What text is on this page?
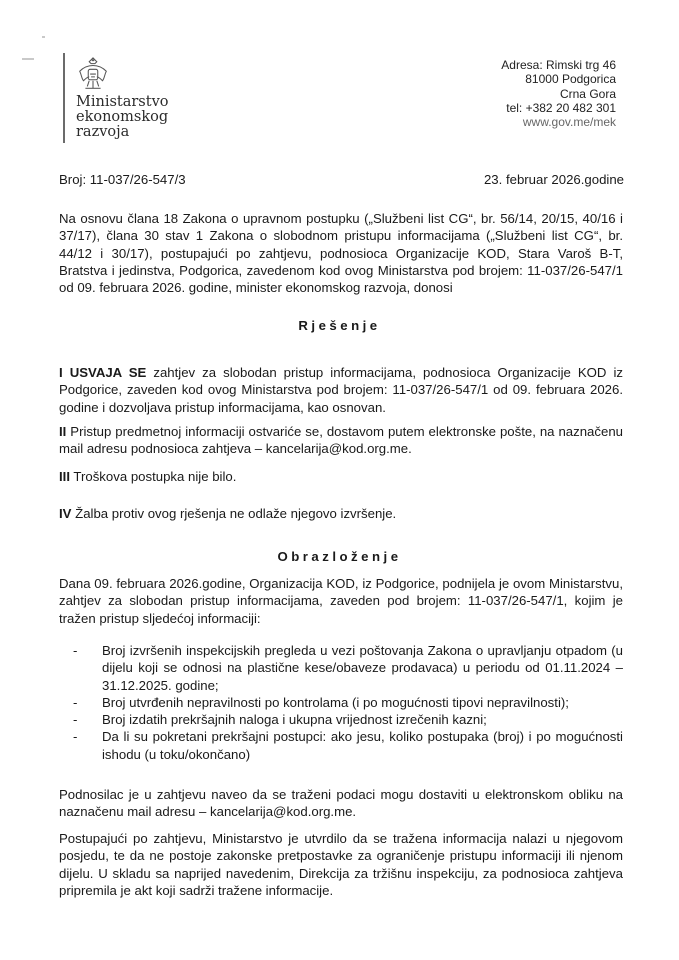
Ministarstvo
ekonomskog
razvoja
Adresa: Rimski trg 46
81000 Podgorica
Crna Gora
tel: +382 20 482 301
www.gov.me/mek
Broj: 11-037/26-547/3	23. februar 2026.godine
Na osnovu člana 18 Zakona o upravnom postupku („Službeni list CG“, br. 56/14, 20/15, 40/16 i 37/17), člana 30 stav 1 Zakona o slobodnom pristupu informacijama („Službeni list CG“, br. 44/12 i 30/17), postupajući po zahtjevu, podnosioca Organizacije KOD, Stara Varoš B-T, Bratstva i jedinstva, Podgorica, zavedenom kod ovog Ministarstva pod brojem: 11-037/26-547/1 od 09. februara 2026. godine, minister ekonomskog razvoja, donosi
Rješenje
I USVAJA SE zahtjev za slobodan pristup informacijama, podnosioca Organizacije KOD iz Podgorice, zaveden kod ovog Ministarstva pod brojem: 11-037/26-547/1 od 09. februara 2026. godine i dozvoljava pristup informacijama, kao osnovan.
II Pristup predmetnoj informaciji ostvariće se, dostavom putem elektronske pošte, na naznačenu mail adresu podnosioca zahtjeva – kancelarija@kod.org.me.
III Troškova postupka nije bilo.
IV Žalba protiv ovog rješenja ne odlaže njegovo izvršenje.
Obrazloženje
Dana 09. februara 2026.godine, Organizacija KOD, iz Podgorice, podnijela je ovom Ministarstvu, zahtjev za slobodan pristup informacijama, zaveden pod brojem: 11-037/26-547/1, kojim je tražen pristup sljedećoj informaciji:
- Broj izvršenih inspekcijskih pregleda u vezi poštovanja Zakona o upravljanju otpadom (u dijelu koji se odnosi na plastične kese/obaveze prodavaca) u periodu od 01.11.2024 – 31.12.2025. godine;
- Broj utvrđenih nepravilnosti po kontrolama (i po mogućnosti tipovi nepravilnosti);
- Broj izdatih prekršajnih naloga i ukupna vrijednost izrečenih kazni;
- Da li su pokretani prekršajni postupci: ako jesu, koliko postupaka (broj) i po mogućnosti ishodu (u toku/okončano)
Podnosilac je u zahtjevu naveo da se traženi podaci mogu dostaviti u elektronskom obliku na naznačenu mail adresu – kancelarija@kod.org.me.
Postupajući po zahtjevu, Ministarstvo je utvrdilo da se tražena informacija nalazi u njegovom posjedu, te da ne postoje zakonske pretpostavke za ograničenje pristupu informaciji ili njenom dijelu. U skladu sa naprijed navedenim, Direkcija za tržišnu inspekciju, za podnosioca zahtjeva pripremila je akt koji sadrži tražene informacije.
